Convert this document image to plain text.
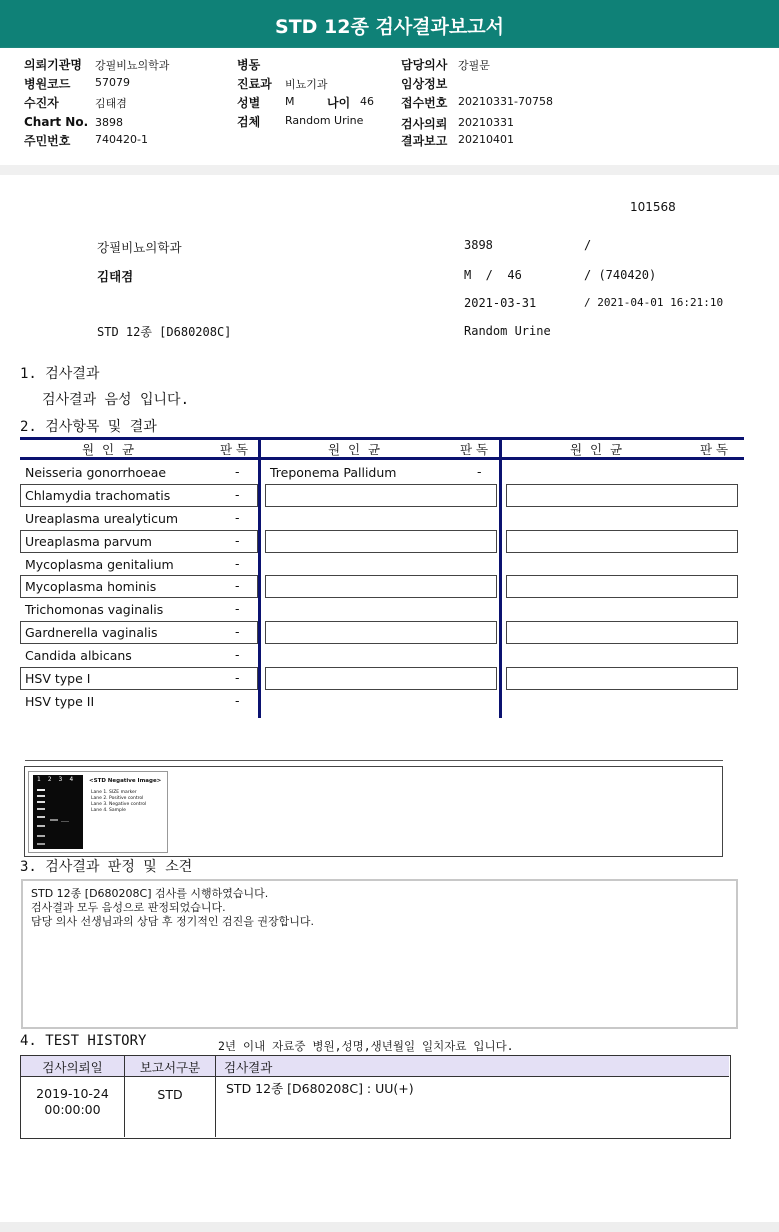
STD 12종 검사결과보고서
의뢰기관명 강필비뇨의학과
병원코드 57079
수진자	김태겸
Chart No. 3898
주민번호 740420-1
병동
진료과 비뇨기과
성별 M	나이 46
검체 Random Urine
담당의사 강필문
임상정보
접수번호 20210331-70758
검사의뢰 20210331
결과보고 20210401
101568
강필비뇨의학과	3898	/
김태겸	M  /  46	/ (740420)
2021-03-31	/ 2021-04-01 16:21:10
STD 12종 [D680208C]	Random Urine
1. 검사결과
검사결과 음성 입니다.
2. 검사항목 및 결과
원  인  균	판 독	원  인  균	판 독	원  인  균	판 독
Neisseria gonorrhoeae	-
Chlamydia trachomatis	-
Ureaplasma urealyticum	-
Ureaplasma parvum	-
Mycoplasma genitalium	-
Mycoplasma hominis	-
Trichomonas vaginalis	-
Gardnerella vaginalis	-
Candida albicans	-
HSV type I	-
HSV type II	-
Treponema Pallidum	-
1  2  3  4	<STD Negative Image>
Lane 1. SIZE marker
Lane 2. Positive control
Lane 3. Negative control
Lane 4. Sample
3. 검사결과 판정 및 소견
STD 12종 [D680208C] 검사를 시행하였습니다.
검사결과 모두 음성으로 판정되었습니다.
담당 의사 선생님과의 상담 후 정기적인 검진을 권장합니다.
4. TEST HISTORY	2년 이내 자료중 병원,성명,생년월일 일치자료 입니다.
검사의뢰일	보고서구분	검사결과
2019-10-24
00:00:00
STD	STD 12종 [D680208C] : UU(+)
